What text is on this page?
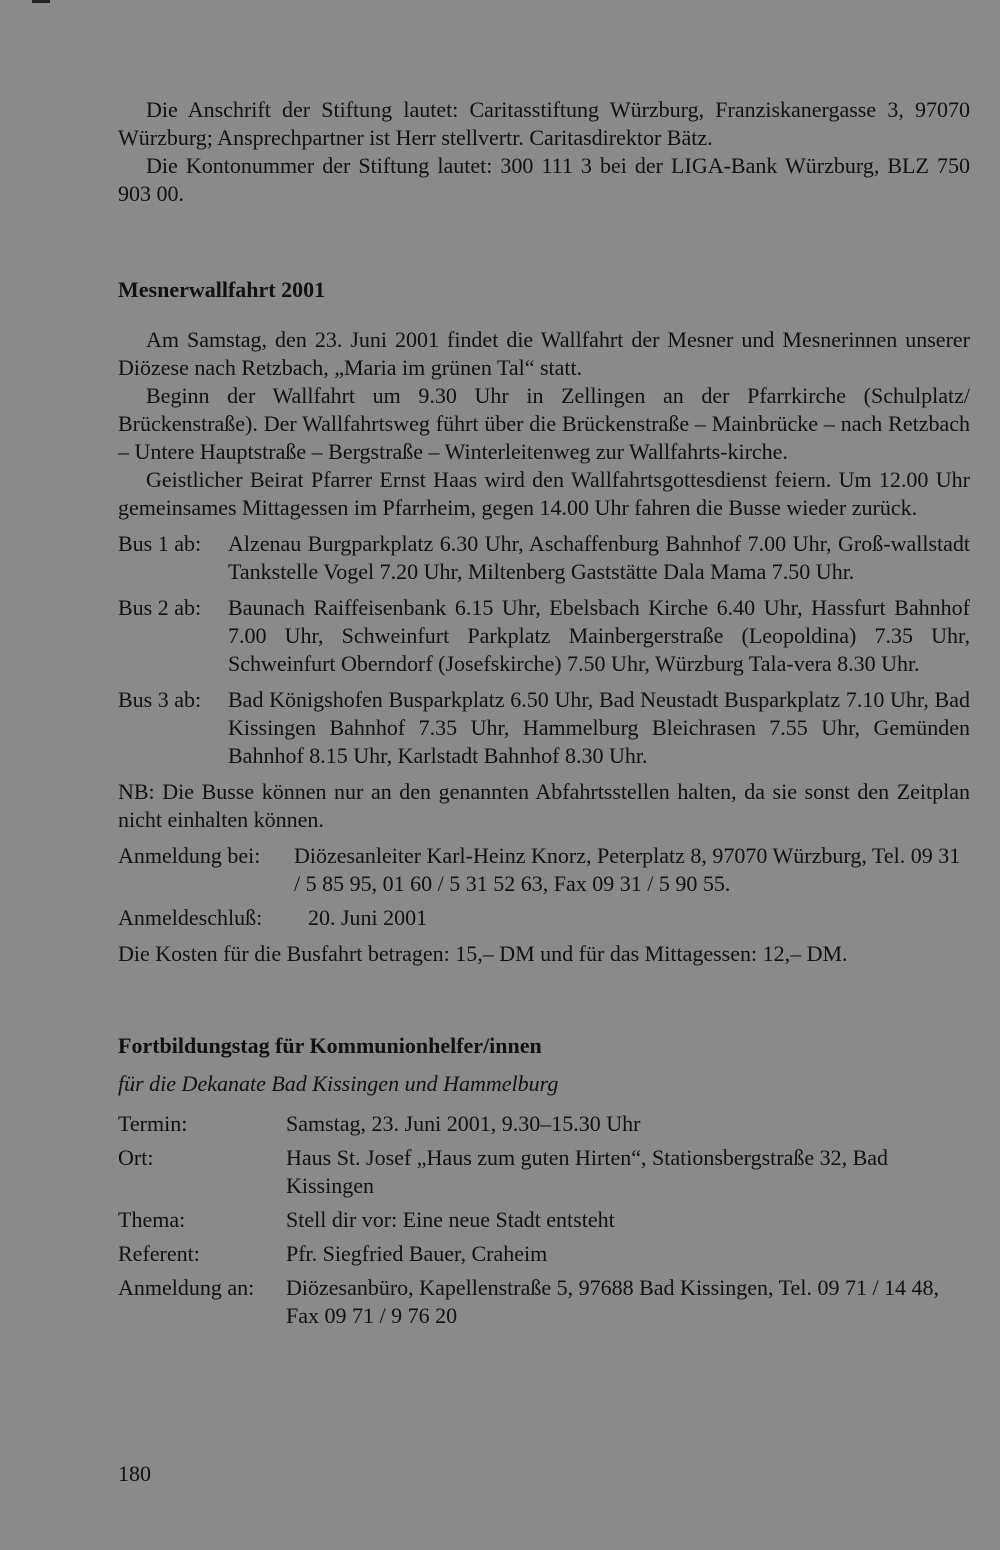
Die Anschrift der Stiftung lautet: Caritasstiftung Würzburg, Franziskanergasse 3, 97070 Würzburg; Ansprechpartner ist Herr stellvertr. Caritasdirektor Bätz.

Die Kontonummer der Stiftung lautet: 300 111 3 bei der LIGA-Bank Würzburg, BLZ 750 903 00.

Mesnerwallfahrt 2001

Am Samstag, den 23. Juni 2001 findet die Wallfahrt der Mesner und Mesnerinnen unserer Diözese nach Retzbach, „Maria im grünen Tal“ statt.

Beginn der Wallfahrt um 9.30 Uhr in Zellingen an der Pfarrkirche (Schulplatz/ Brückenstraße). Der Wallfahrtsweg führt über die Brückenstraße – Mainbrücke – nach Retzbach – Untere Hauptstraße – Bergstraße – Winterleitenweg zur Wallfahrts-kirche.

Geistlicher Beirat Pfarrer Ernst Haas wird den Wallfahrtsgottesdienst feiern. Um 12.00 Uhr gemeinsames Mittagessen im Pfarrheim, gegen 14.00 Uhr fahren die Busse wieder zurück.

Bus 1 ab:	Alzenau Burgparkplatz 6.30 Uhr, Aschaffenburg Bahnhof 7.00 Uhr, Groß-wallstadt Tankstelle Vogel 7.20 Uhr, Miltenberg Gaststätte Dala Mama 7.50 Uhr.
Bus 2 ab:	Baunach Raiffeisenbank 6.15 Uhr, Ebelsbach Kirche 6.40 Uhr, Hassfurt Bahnhof 7.00 Uhr, Schweinfurt Parkplatz Mainbergerstraße (Leopoldina) 7.35 Uhr, Schweinfurt Oberndorf (Josefskirche) 7.50 Uhr, Würzburg Tala-vera 8.30 Uhr.
Bus 3 ab:	Bad Königshofen Busparkplatz 6.50 Uhr, Bad Neustadt Busparkplatz 7.10 Uhr, Bad Kissingen Bahnhof 7.35 Uhr, Hammelburg Bleichrasen 7.55 Uhr, Gemünden Bahnhof 8.15 Uhr, Karlstadt Bahnhof 8.30 Uhr.

NB: Die Busse können nur an den genannten Abfahrtsstellen halten, da sie sonst den Zeitplan nicht einhalten können.

Anmeldung bei:	Diözesanleiter Karl-Heinz Knorz, Peterplatz 8, 97070 Würzburg, Tel. 09 31 / 5 85 95, 01 60 / 5 31 52 63, Fax 09 31 / 5 90 55.
Anmeldeschluß:	20. Juni 2001

Die Kosten für die Busfahrt betragen: 15,– DM und für das Mittagessen: 12,– DM.

Fortbildungstag für Kommunionhelfer/innen

für die Dekanate Bad Kissingen und Hammelburg

Termin:	Samstag, 23. Juni 2001, 9.30–15.30 Uhr
Ort:	Haus St. Josef „Haus zum guten Hirten“, Stationsbergstraße 32, Bad Kissingen
Thema:	Stell dir vor: Eine neue Stadt entsteht
Referent:	Pfr. Siegfried Bauer, Craheim
Anmeldung an:	Diözesanbüro, Kapellenstraße 5, 97688 Bad Kissingen, Tel. 09 71 / 14 48, Fax 09 71 / 9 76 20
180
